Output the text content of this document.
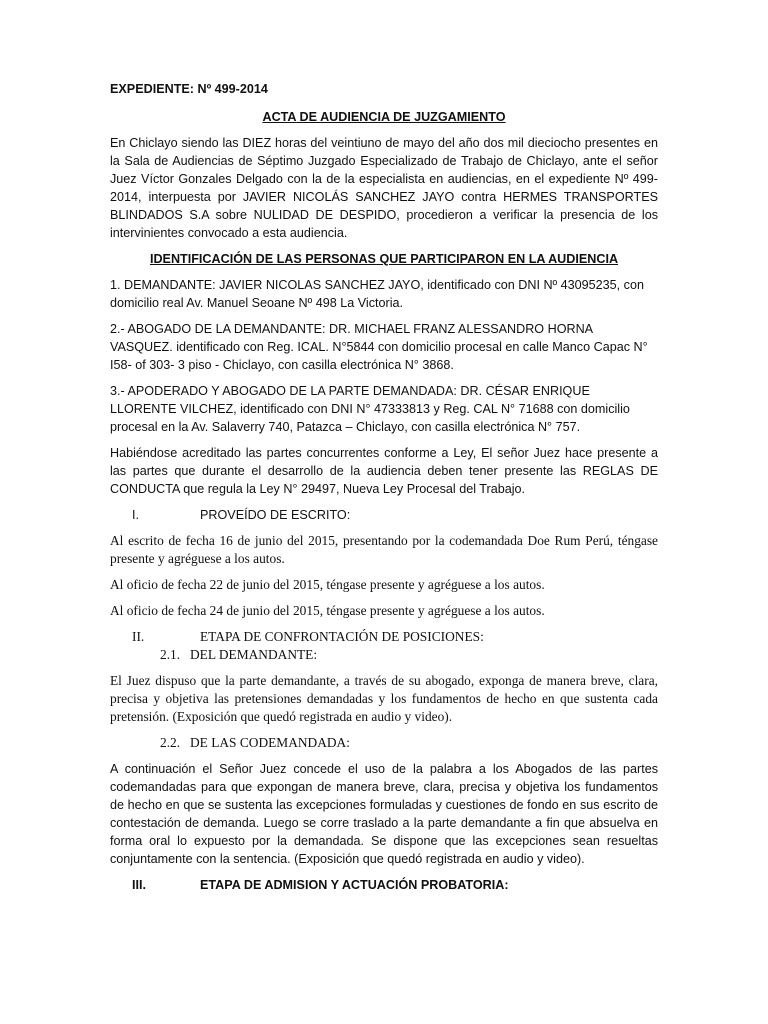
EXPEDIENTE: Nº 499-2014
ACTA DE AUDIENCIA DE JUZGAMIENTO

En Chiclayo siendo las DIEZ horas del veintiuno de mayo del año dos mil dieciocho presentes en la Sala de Audiencias de Séptimo Juzgado Especializado de Trabajo de Chiclayo, ante el señor Juez Víctor Gonzales Delgado con la de la especialista en audiencias, en el expediente Nº 499-2014, interpuesta por JAVIER NICOLÁS SANCHEZ JAYO contra HERMES TRANSPORTES BLINDADOS S.A sobre NULIDAD DE DESPIDO, procedieron a verificar la presencia de los intervinientes convocado a esta audiencia.

IDENTIFICACIÓN DE LAS PERSONAS QUE PARTICIPARON EN LA AUDIENCIA

1. DEMANDANTE: JAVIER NICOLAS SANCHEZ JAYO, identificado con DNI Nº 43095235, con domicilio real Av. Manuel Seoane Nº 498 La Victoria.

2.- ABOGADO DE LA DEMANDANTE: DR. MICHAEL FRANZ ALESSANDRO HORNA VASQUEZ. identificado con Reg. ICAL. N°5844 con domicilio procesal en calle Manco Capac N° I58- of 303- 3 piso - Chiclayo, con casilla electrónica N° 3868.

3.- APODERADO Y ABOGADO DE LA PARTE DEMANDADA: DR. CÉSAR ENRIQUE LLORENTE VILCHEZ, identificado con DNI N° 47333813 y Reg. CAL N° 71688 con domicilio procesal en la Av. Salaverry 740, Patazca – Chiclayo, con casilla electrónica N° 757.

Habiéndose acreditado las partes concurrentes conforme a Ley, El señor Juez hace presente a las partes que durante el desarrollo de la audiencia deben tener presente las REGLAS DE CONDUCTA que regula la Ley N° 29497, Nueva Ley Procesal del Trabajo.

I.	PROVEÍDO DE ESCRITO:

Al escrito de fecha 16 de junio del 2015, presentando por la codemandada Doe Rum Perú, téngase presente y agréguese a los autos.

Al oficio de fecha 22 de junio del 2015, téngase presente y agréguese a los autos.

Al oficio de fecha 24 de junio del 2015, téngase presente y agréguese a los autos.

II.	ETAPA DE CONFRONTACIÓN DE POSICIONES:
2.1. DEL DEMANDANTE:

El Juez dispuso que la parte demandante, a través de su abogado, exponga de manera breve, clara, precisa y objetiva las pretensiones demandadas y los fundamentos de hecho en que sustenta cada pretensión. (Exposición que quedó registrada en audio y video).

2.2. DE LAS CODEMANDADA:

A continuación el Señor Juez concede el uso de la palabra a los Abogados de las partes codemandadas para que expongan de manera breve, clara, precisa y objetiva los fundamentos de hecho en que se sustenta las excepciones formuladas y cuestiones de fondo en sus escrito de contestación de demanda. Luego se corre traslado a la parte demandante a fin que absuelva en forma oral lo expuesto por la demandada. Se dispone que las excepciones sean resueltas conjuntamente con la sentencia. (Exposición que quedó registrada en audio y video).

III.	ETAPA DE ADMISION Y ACTUACIÓN PROBATORIA:
